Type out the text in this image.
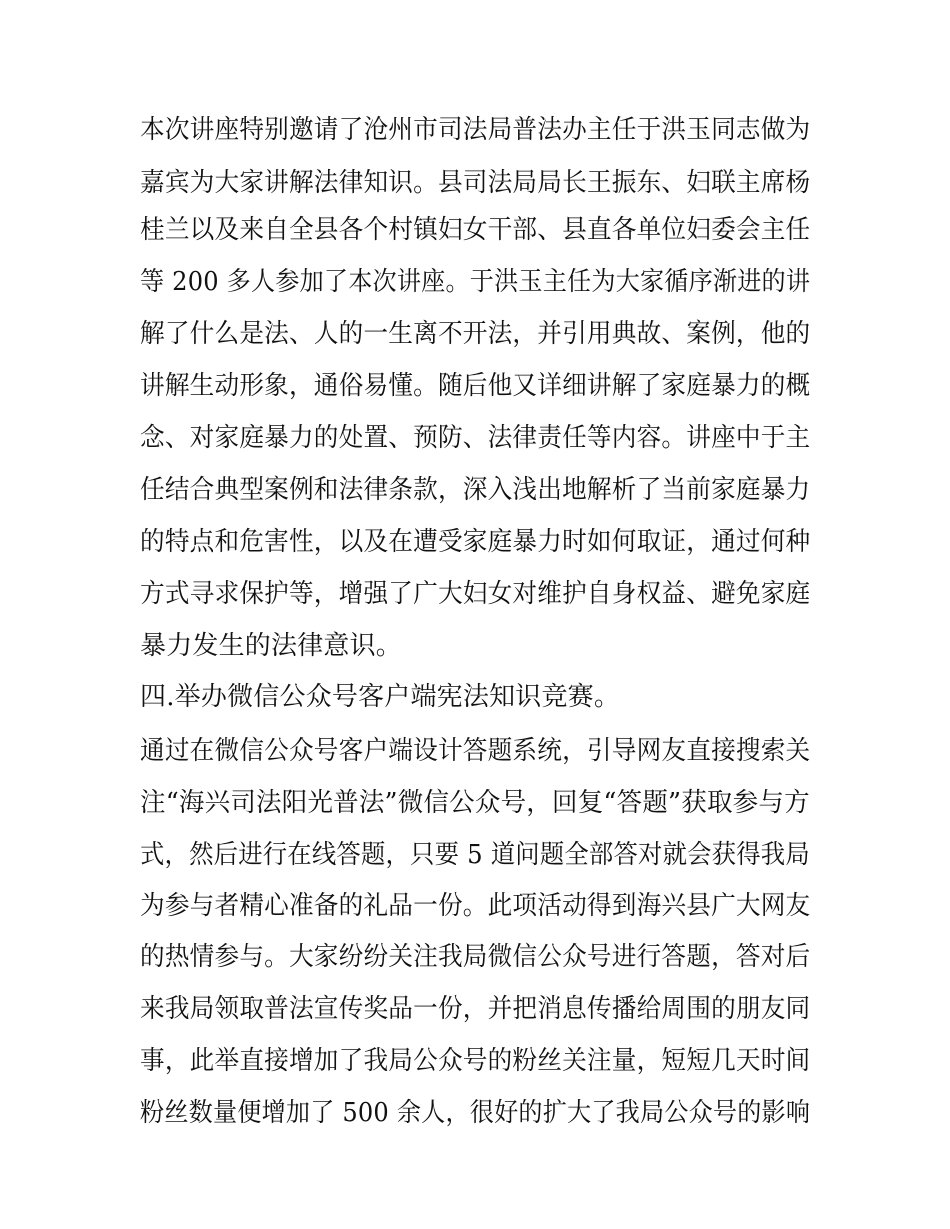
本次讲座特别邀请了沧州市司法局普法办主任于洪玉同志做为
嘉宾为大家讲解法律知识。县司法局局长王振东、妇联主席杨
桂兰以及来自全县各个村镇妇女干部、县直各单位妇委会主任
等 200 多人参加了本次讲座。于洪玉主任为大家循序渐进的讲
解了什么是法、人的一生离不开法，并引用典故、案例，他的
讲解生动形象，通俗易懂。随后他又详细讲解了家庭暴力的概
念、对家庭暴力的处置、预防、法律责任等内容。讲座中于主
任结合典型案例和法律条款，深入浅出地解析了当前家庭暴力
的特点和危害性，以及在遭受家庭暴力时如何取证，通过何种
方式寻求保护等，增强了广大妇女对维护自身权益、避免家庭
暴力发生的法律意识。
四.举办微信公众号客户端宪法知识竞赛。
通过在微信公众号客户端设计答题系统，引导网友直接搜索关
注“海兴司法阳光普法”微信公众号，回复“答题”获取参与方
式，然后进行在线答题，只要 5 道问题全部答对就会获得我局
为参与者精心准备的礼品一份。此项活动得到海兴县广大网友
的热情参与。大家纷纷关注我局微信公众号进行答题，答对后
来我局领取普法宣传奖品一份，并把消息传播给周围的朋友同
事，此举直接增加了我局公众号的粉丝关注量，短短几天时间
粉丝数量便增加了 500 余人，很好的扩大了我局公众号的影响
